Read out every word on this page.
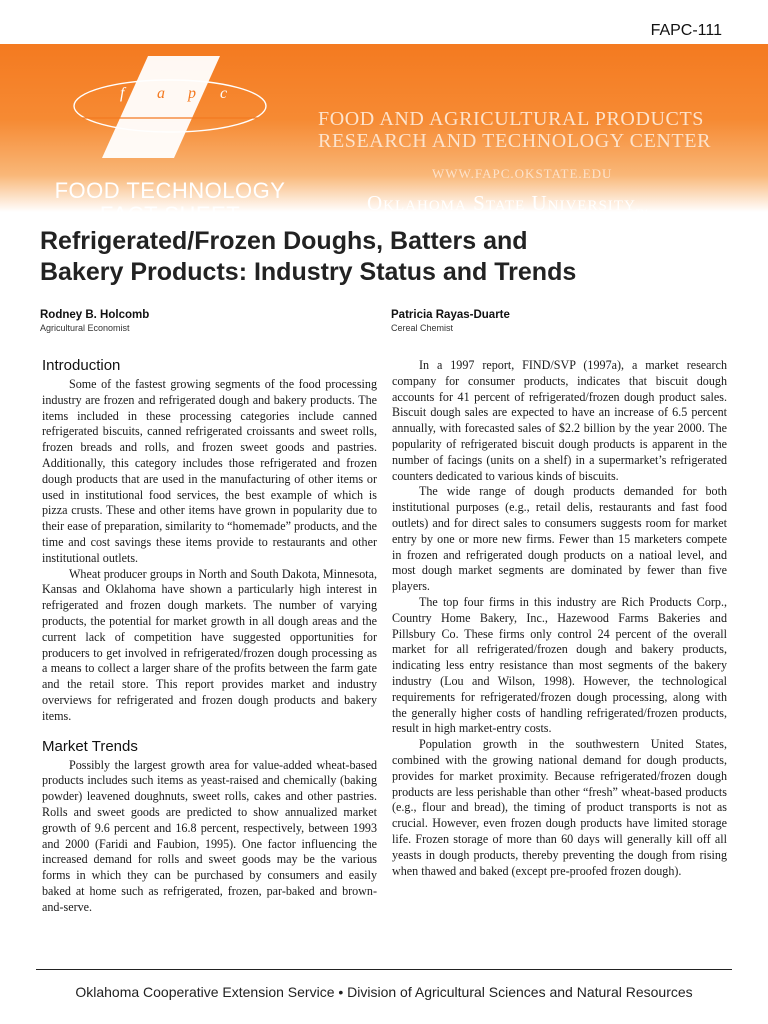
FAPC-111
f a p c
FOOD TECHNOLOGY
FACT SHEET
FOOD AND AGRICULTURAL PRODUCTS
RESEARCH AND TECHNOLOGY CENTER
WWW.FAPC.OKSTATE.EDU
Oklahoma State University$_{TM}$
Refrigerated/Frozen Doughs, Batters and
Bakery Products: Industry Status and Trends
Rodney B. Holcomb
Agricultural Economist
Patricia Rayas-Duarte
Cereal Chemist
Introduction

Some of the fastest growing segments of the food processing industry are frozen and refrigerated dough and bakery products. The items included in these processing categories include canned refrigerated biscuits, canned refrigerated croissants and sweet rolls, frozen breads and rolls, and frozen sweet goods and pastries. Additionally, this category includes those refrigerated and frozen dough products that are used in the manufacturing of other items or used in institutional food services, the best example of which is pizza crusts. These and other items have grown in popularity due to their ease of preparation, similarity to “homemade” products, and the time and cost savings these items provide to restaurants and other institutional outlets.

Wheat producer groups in North and South Dakota, Minnesota, Kansas and Oklahoma have shown a particularly high interest in refrigerated and frozen dough markets. The number of varying products, the potential for market growth in all dough areas and the current lack of competition have suggested opportunities for producers to get involved in refrigerated/frozen dough processing as a means to collect a larger share of the profits between the farm gate and the retail store. This report provides market and industry overviews for refrigerated and frozen dough products and bakery items.

Market Trends

Possibly the largest growth area for value-added wheat-based products includes such items as yeast-raised and chemically (baking powder) leavened doughnuts, sweet rolls, cakes and other pastries. Rolls and sweet goods are predicted to show annualized market growth of 9.6 percent and 16.8 percent, respectively, between 1993 and 2000 (Faridi and Faubion, 1995). One factor influencing the increased demand for rolls and sweet goods may be the various forms in which they can be purchased by consumers and easily baked at home such as refrigerated, frozen, par-baked and brown-and-serve.

In a 1997 report, FIND/SVP (1997a), a market research company for consumer products, indicates that biscuit dough accounts for 41 percent of refrigerated/frozen dough product sales. Biscuit dough sales are expected to have an increase of 6.5 percent annually, with forecasted sales of $2.2 billion by the year 2000. The popularity of refrigerated biscuit dough products is apparent in the number of facings (units on a shelf) in a supermarket’s refrigerated counters dedicated to various kinds of biscuits.

The wide range of dough products demanded for both institutional purposes (e.g., retail delis, restaurants and fast food outlets) and for direct sales to consumers suggests room for market entry by one or more new firms. Fewer than 15 marketers compete in frozen and refrigerated dough products on a natioal level, and most dough market segments are dominated by fewer than five players.

The top four firms in this industry are Rich Products Corp., Country Home Bakery, Inc., Hazewood Farms Bakeries and Pillsbury Co. These firms only control 24 percent of the overall market for all refrigerated/frozen dough and bakery products, indicating less entry resistance than most segments of the bakery industry (Lou and Wilson, 1998). However, the technological requirements for refrigerated/frozen dough processing, along with the generally higher costs of handling refrigerated/frozen products, result in high market-entry costs.

Population growth in the southwestern United States, combined with the growing national demand for dough products, provides for market proximity. Because refrigerated/frozen dough products are less perishable than other “fresh” wheat-based products (e.g., flour and bread), the timing of product transports is not as crucial. However, even frozen dough products have limited storage life. Frozen storage of more than 60 days will generally kill off all yeasts in dough products, thereby preventing the dough from rising when thawed and baked (except pre-proofed frozen dough).

Oklahoma Cooperative Extension Service • Division of Agricultural Sciences and Natural Resources
